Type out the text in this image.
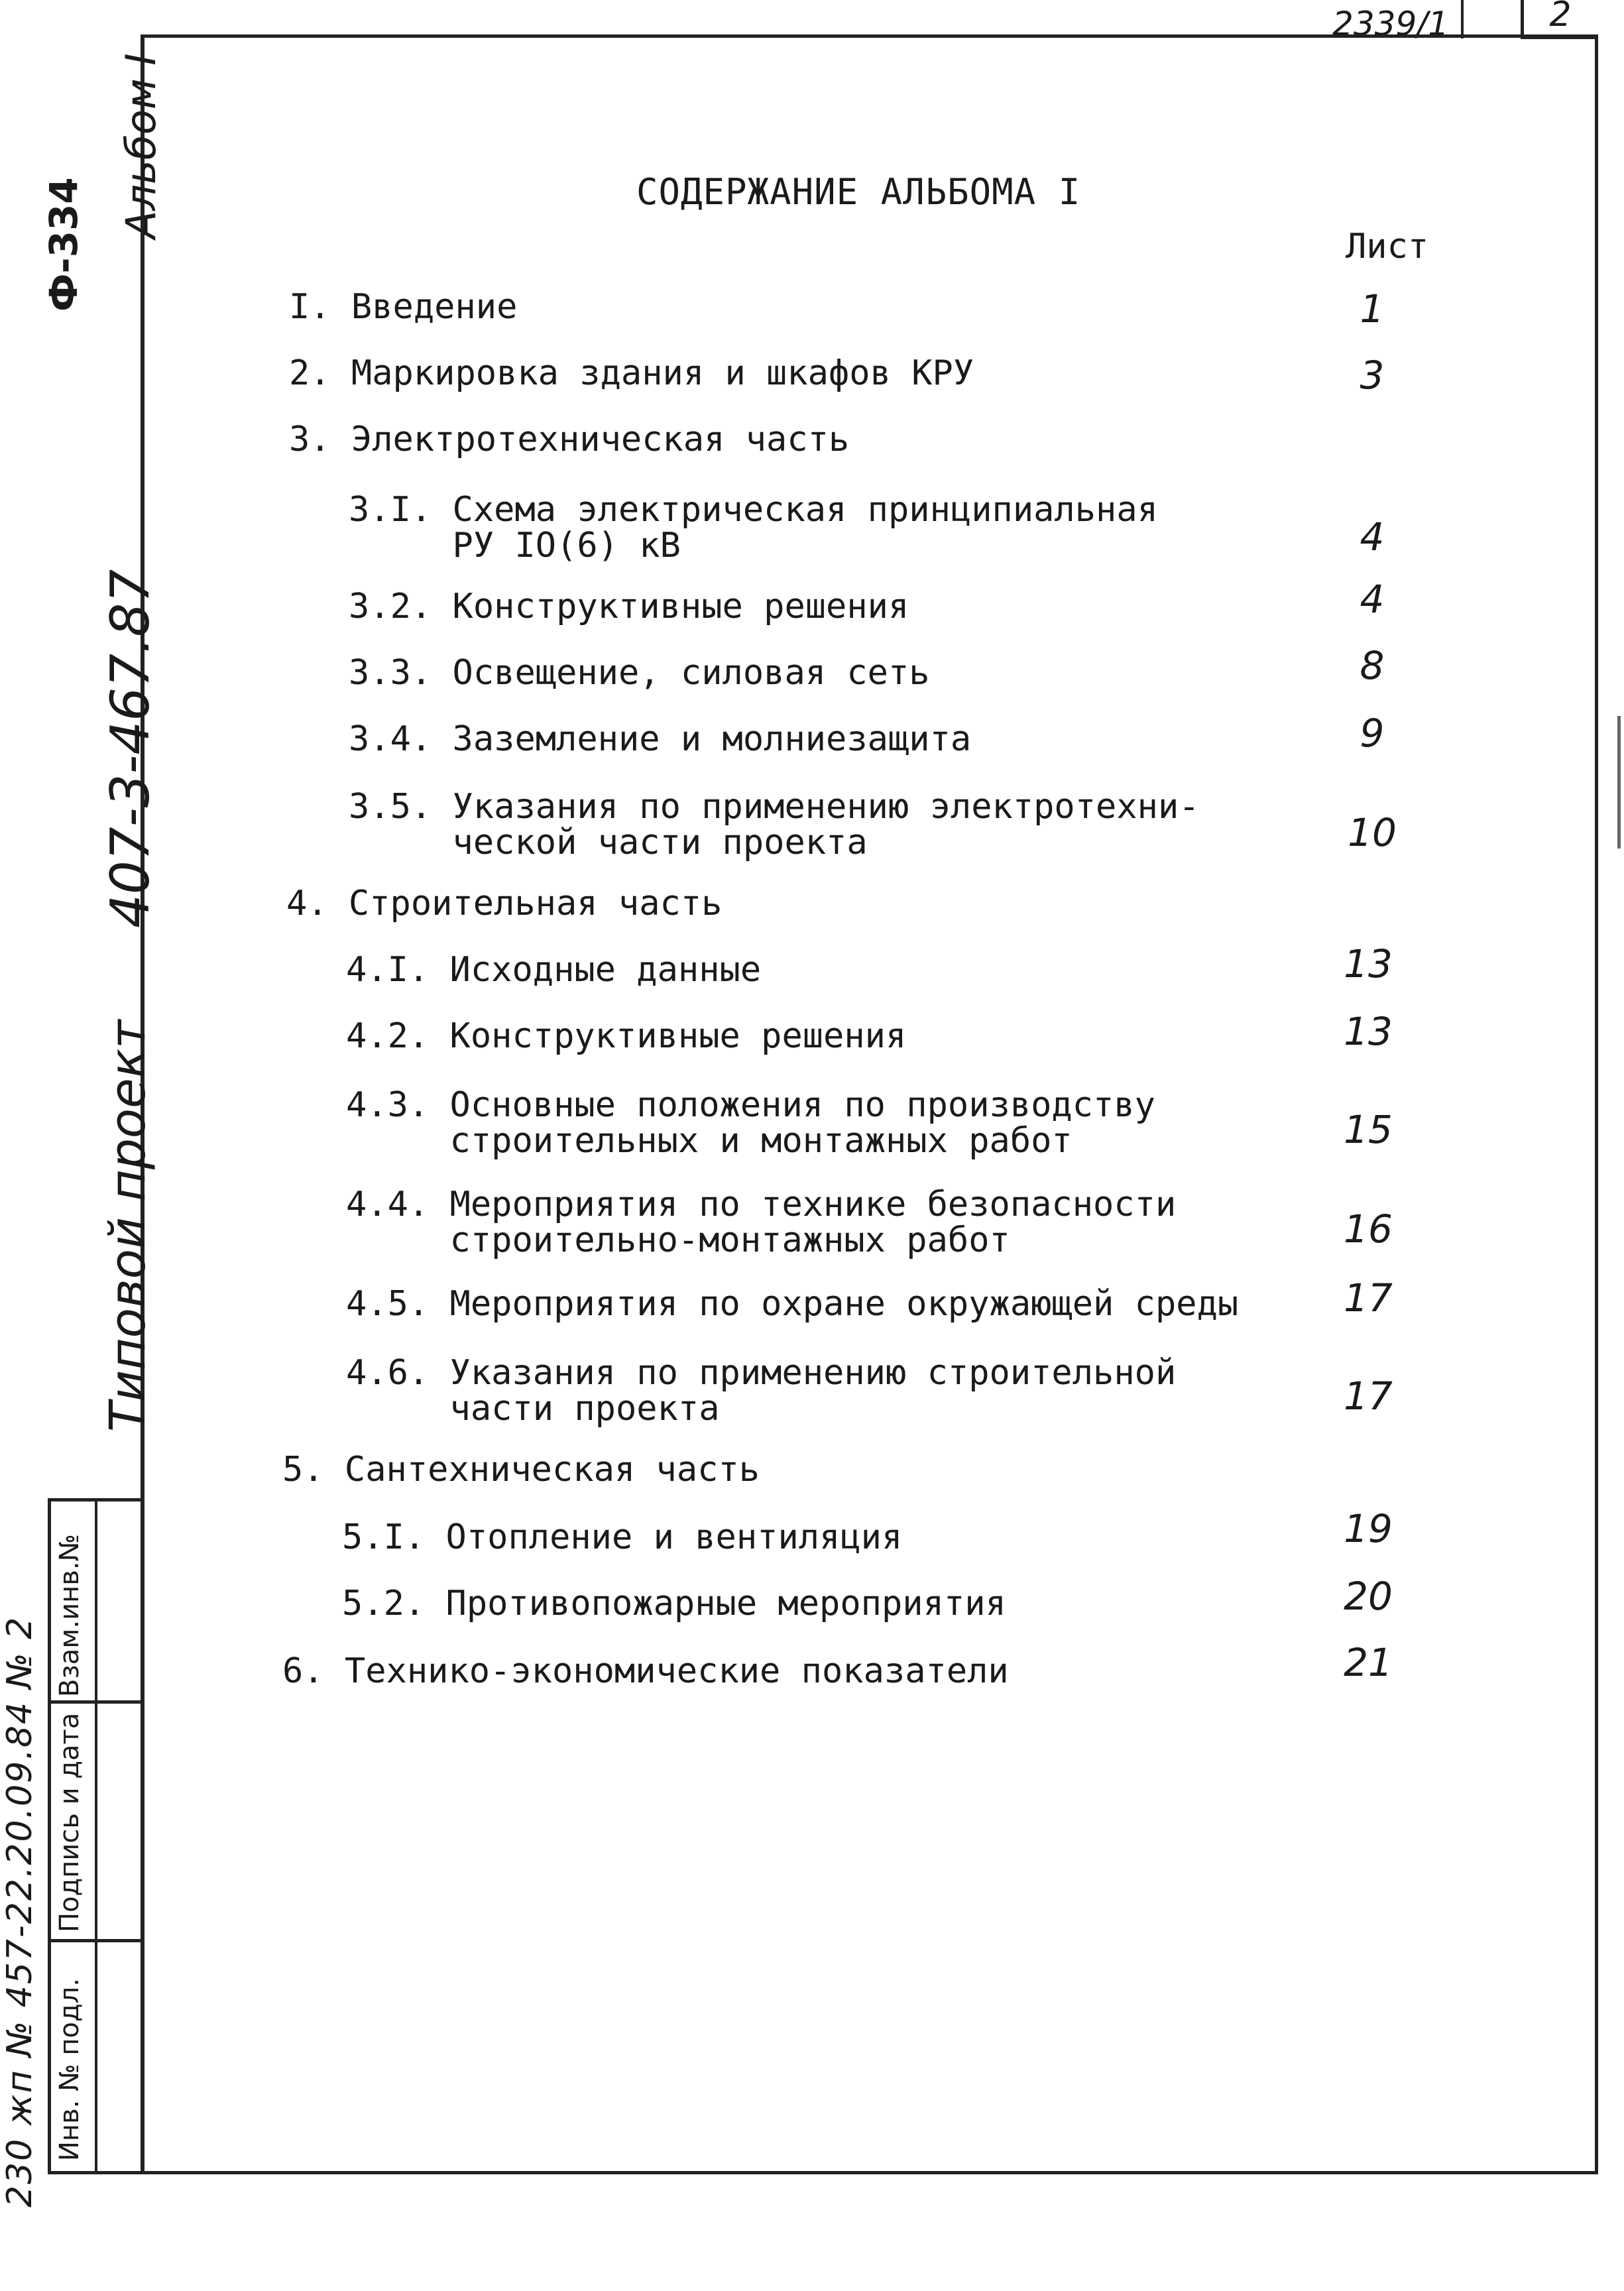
2339/1	2
Ф-334
Альбом I
407-3-467.87
Типовой проект
230 жп № 457-22.20.09.84 № 2
Взам.инв.№
Подпись и дата
Инв. № подл.
СОДЕРЖАНИЕ АЛЬБОМА I
Лист
I. Введение	1
2. Маркировка здания и шкафов КРУ	3
3. Электротехническая часть
3.I. Схема электрическая принципиальная
РУ IO(6) кВ	4
3.2. Конструктивные решения	4
3.3. Освещение, силовая сеть	8
3.4. Заземление и молниезащита	9
3.5. Указания по применению электротехни-
ческой части проекта	10
4. Строительная часть
4.I. Исходные данные	13
4.2. Конструктивные решения	13
4.3. Основные положения по производству
строительных и монтажных работ	15
4.4. Мероприятия по технике безопасности
строительно-монтажных работ	16
4.5. Мероприятия по охране окружающей среды	17
4.6. Указания по применению строительной
части проекта	17
5. Сантехническая часть
5.I. Отопление и вентиляция	19
5.2. Противопожарные мероприятия	20
6. Технико-экономические показатели	21
